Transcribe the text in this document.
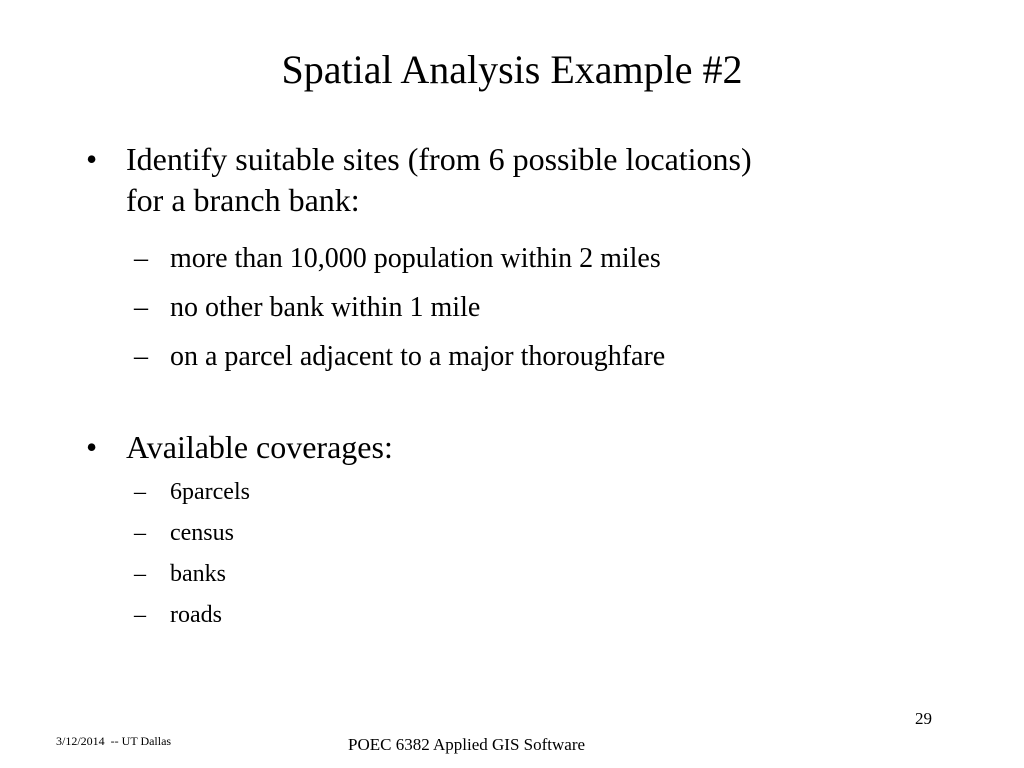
Spatial Analysis Example #2
• Identify suitable sites (from 6 possible locations)
for a branch bank:
– more than 10,000 population within 2 miles
– no other bank within 1 mile
– on a parcel adjacent to a major thoroughfare
• Available coverages:
– 6parcels
– census
– banks
– roads
3/12/2014  -- UT Dallas	POEC 6382 Applied GIS Software
29
